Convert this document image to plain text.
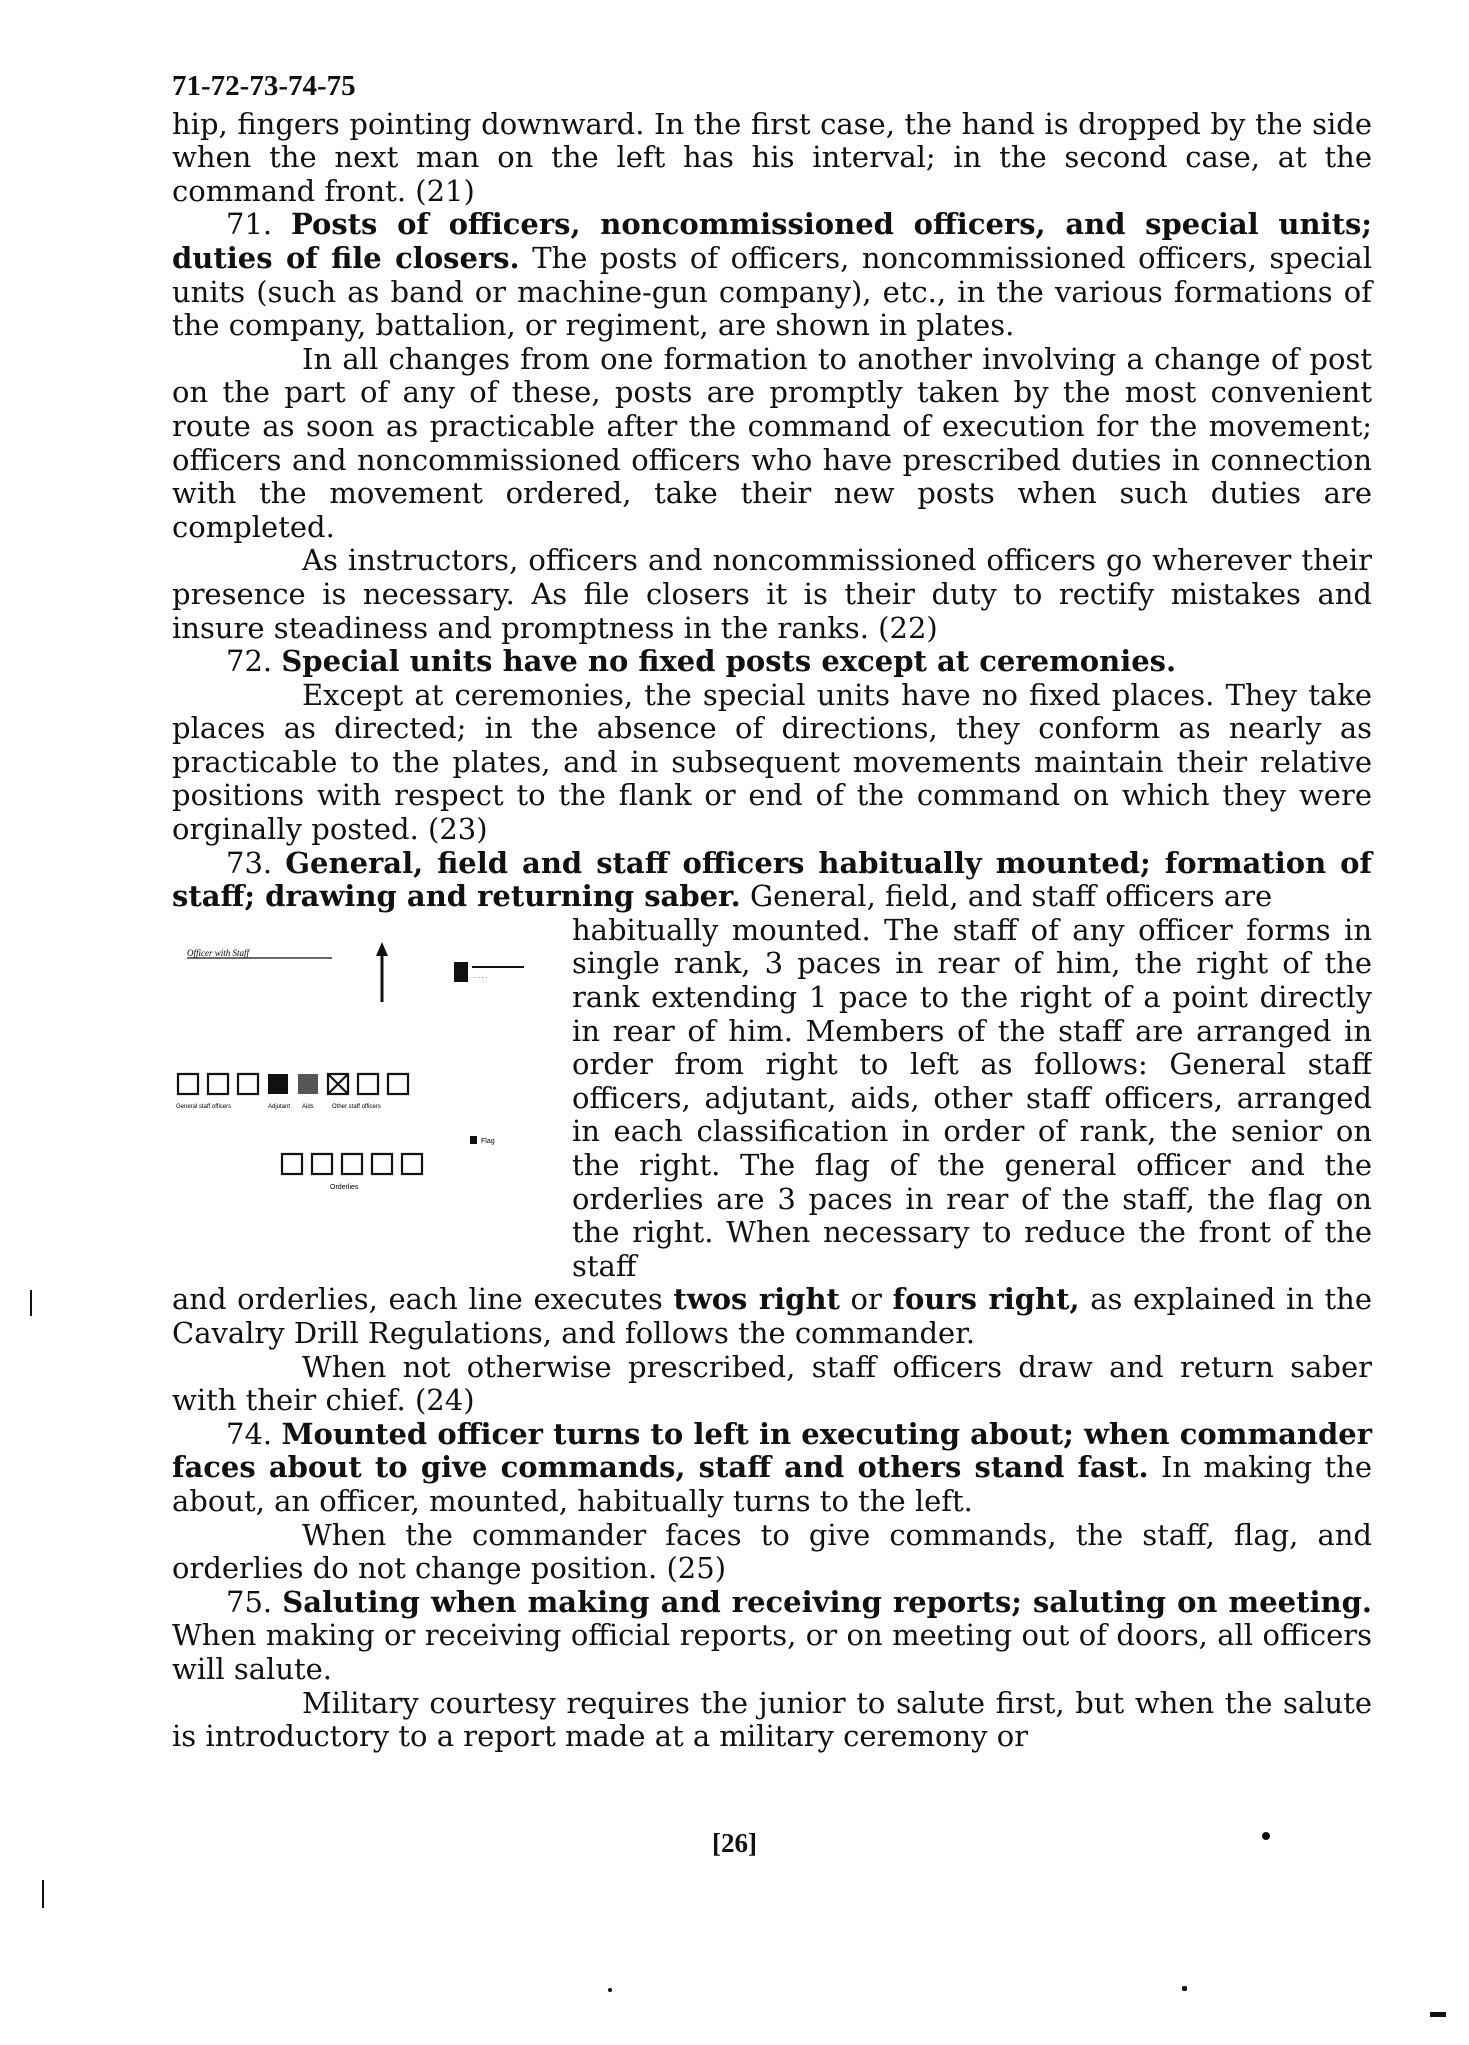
71-72-73-74-75

hip, fingers pointing downward. In the first case, the hand is dropped by the side when the next man on the left has his interval; in the second case, at the command front. (21)

71. Posts of officers, noncommissioned officers, and special units; duties of file closers. The posts of officers, noncommissioned officers, special units (such as band or machine-gun company), etc., in the various formations of the company, battalion, or regiment, are shown in plates.

In all changes from one formation to another involving a change of post on the part of any of these, posts are promptly taken by the most convenient route as soon as practicable after the command of execution for the movement; officers and noncommissioned officers who have prescribed duties in connection with the movement ordered, take their new posts when such duties are completed.

As instructors, officers and noncommissioned officers go wherever their presence is necessary. As file closers it is their duty to rectify mistakes and insure steadiness and promptness in the ranks. (22)

72. Special units have no fixed posts except at ceremonies.

Except at ceremonies, the special units have no fixed places. They take places as directed; in the absence of directions, they conform as nearly as practicable to the plates, and in subsequent movements maintain their relative positions with respect to the flank or end of the command on which they were orginally posted. (23)

73. General, field and staff officers habitually mounted; formation of staff; drawing and returning saber. General, field, and staff officers are

Officer with Staff
. . . .
General staff officers	Adjutant Aids	Other staff officers
Flag
Orderlies
habitually mounted. The staff of any officer forms in single rank, 3 paces in rear of him, the right of the rank extending 1 pace to the right of a point directly in rear of him. Members of the staff are arranged in order from right to left as follows: General staff officers, adjutant, aids, other staff officers, arranged in each classification in order of rank, the senior on the right. The flag of the general officer and the orderlies are 3 paces in rear of the staff, the flag on the right. When necessary to reduce the front of the staff

and orderlies, each line executes twos right or fours right, as explained in the Cavalry Drill Regulations, and follows the commander.

When not otherwise prescribed, staff officers draw and return saber with their chief. (24)

74. Mounted officer turns to left in executing about; when commander faces about to give commands, staff and others stand fast. In making the about, an officer, mounted, habitually turns to the left.

When the commander faces to give commands, the staff, flag, and orderlies do not change position. (25)

75. Saluting when making and receiving reports; saluting on meeting. When making or receiving official reports, or on meeting out of doors, all officers will salute.

Military courtesy requires the junior to salute first, but when the salute is introductory to a report made at a military ceremony or

[26]
